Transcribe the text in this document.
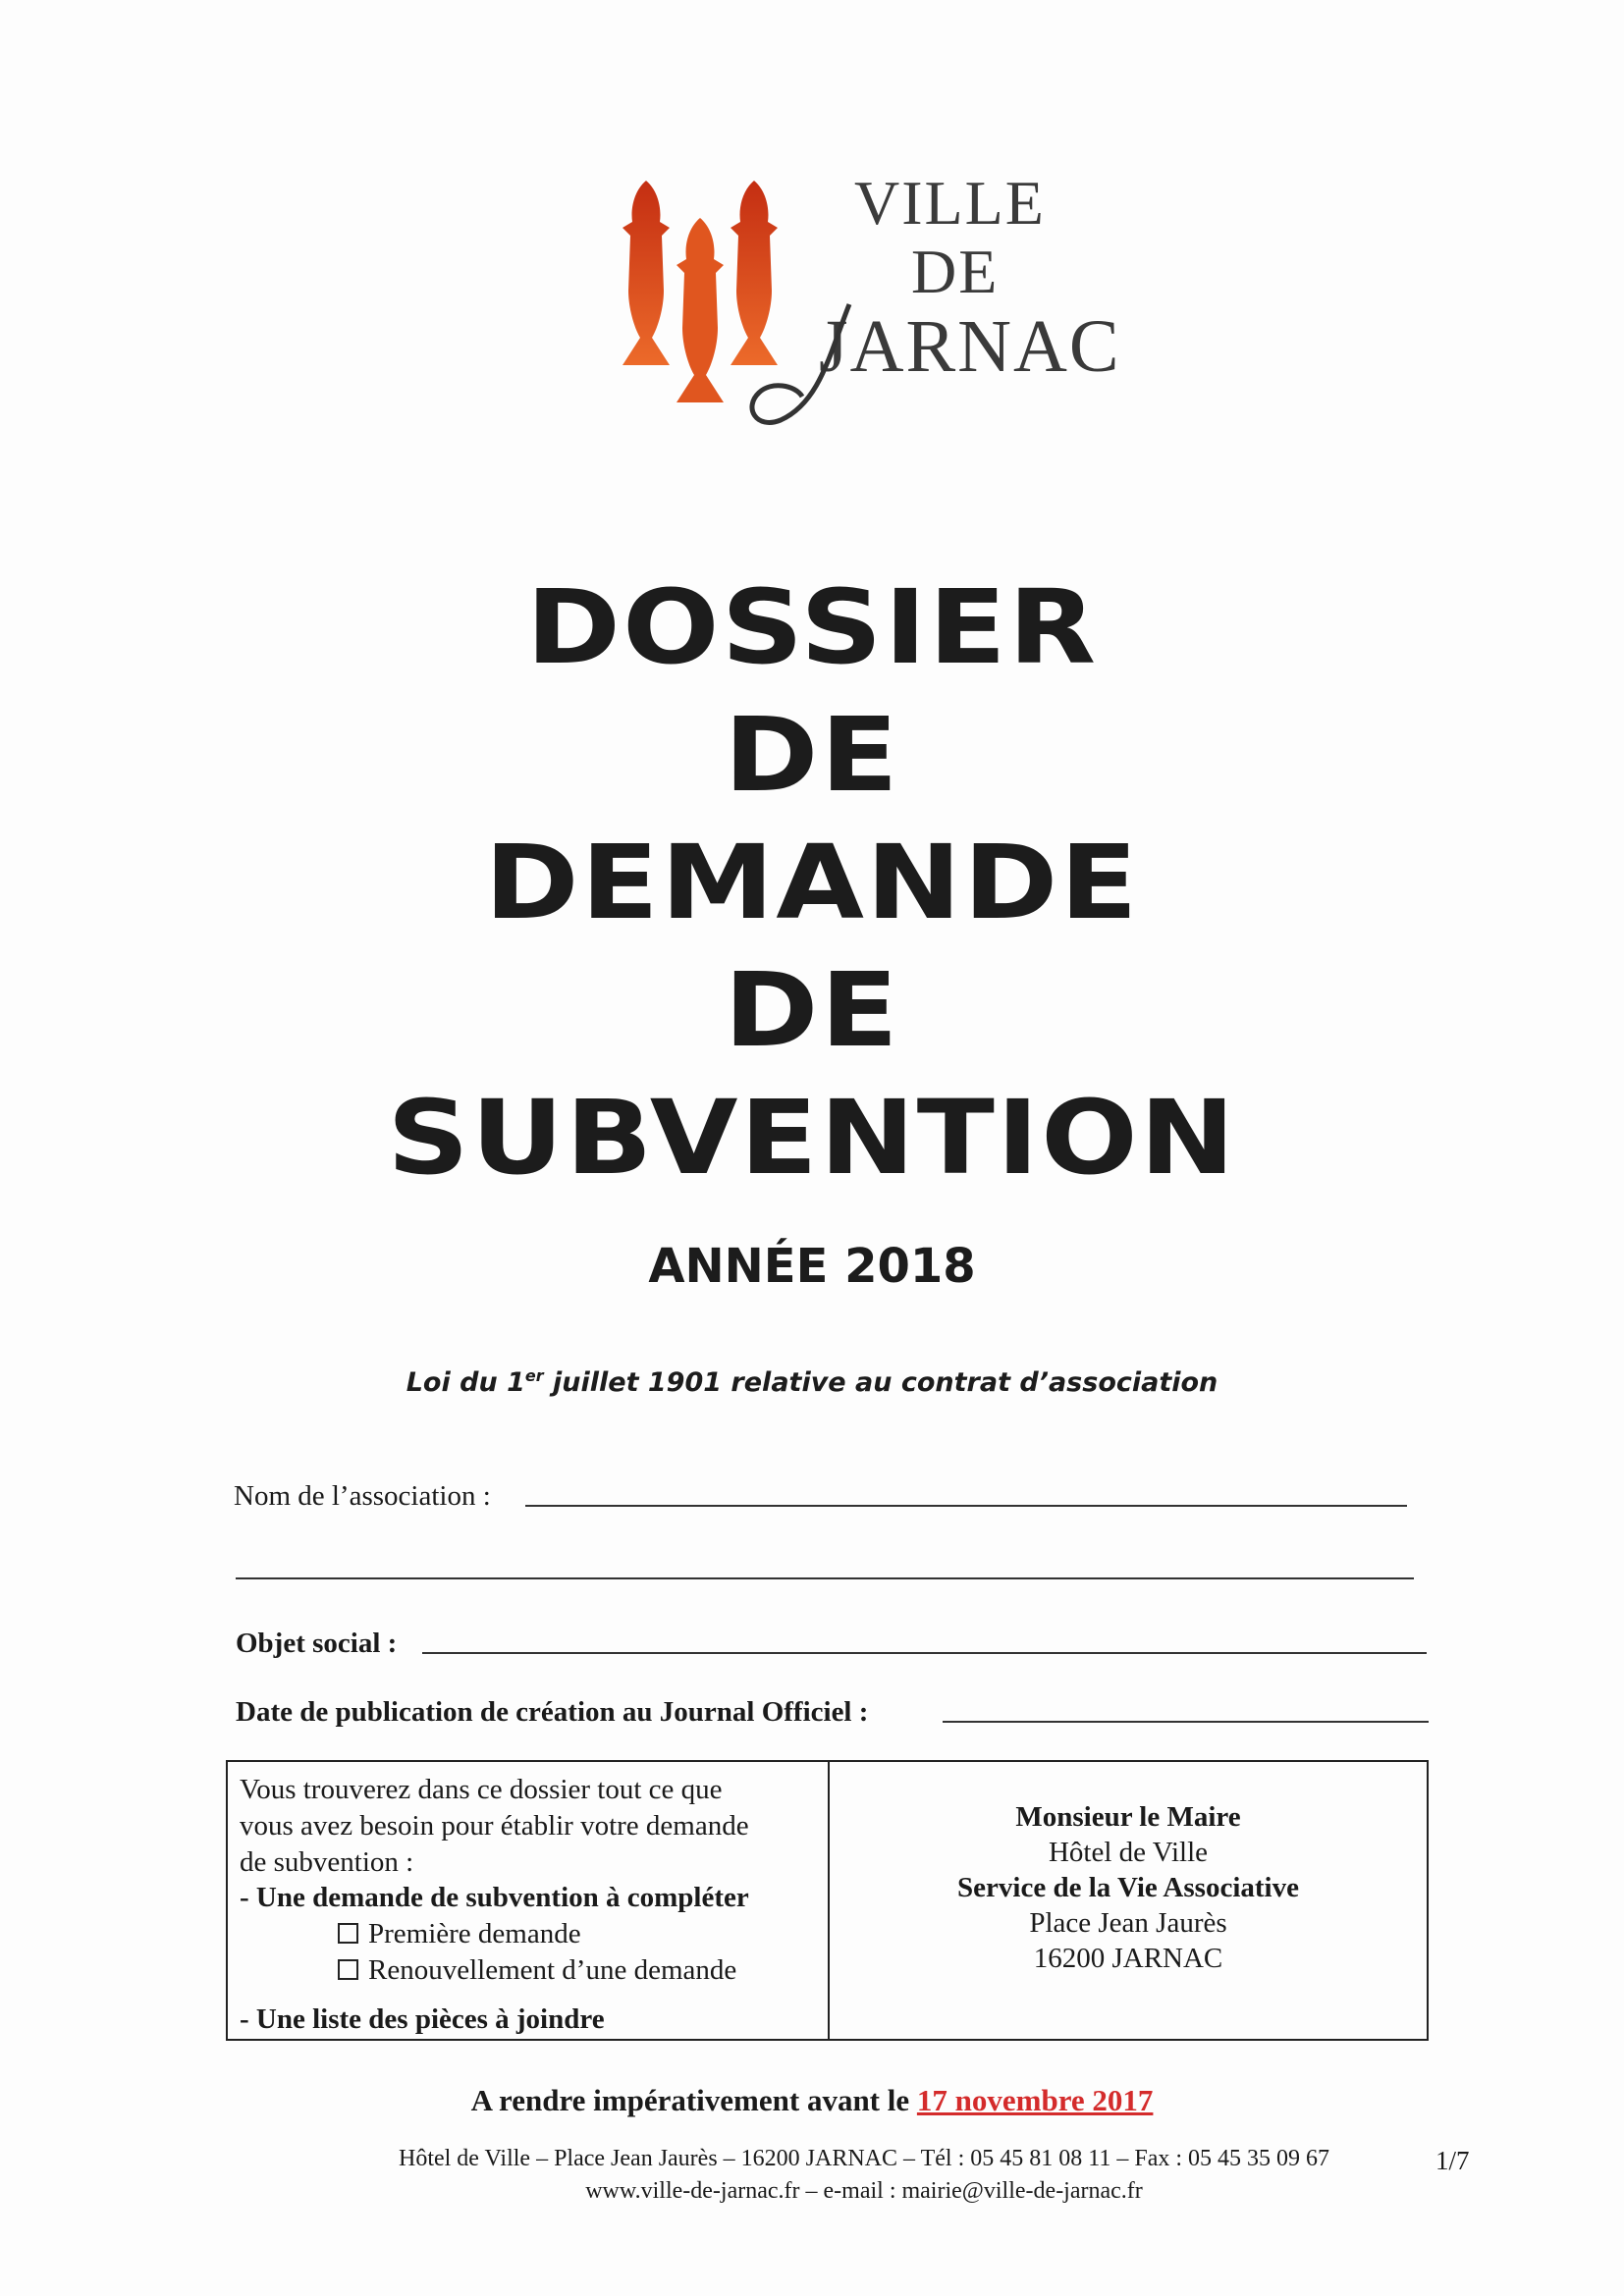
VILLE
DE
JARNAC
DOSSIER
DE
DEMANDE
DE
SUBVENTION
ANNÉE 2018
Loi du 1er juillet 1901 relative au contrat d’association
Nom de l’association :
Objet social :
Date de publication de création au Journal Officiel :
Vous trouverez dans ce dossier tout ce que
vous avez besoin pour établir votre demande
de subvention :
- Une demande de subvention à compléter
Première demande
Renouvellement d’une demande
- Une liste des pièces à joindre
Monsieur le Maire
Hôtel de Ville
Service de la Vie Associative
Place Jean Jaurès
16200 JARNAC
A rendre impérativement avant le 17 novembre 2017
Hôtel de Ville – Place Jean Jaurès – 16200 JARNAC – Tél : 05 45 81 08 11 – Fax : 05 45 35 09 67
www.ville-de-jarnac.fr – e-mail : mairie@ville-de-jarnac.fr
1/7
